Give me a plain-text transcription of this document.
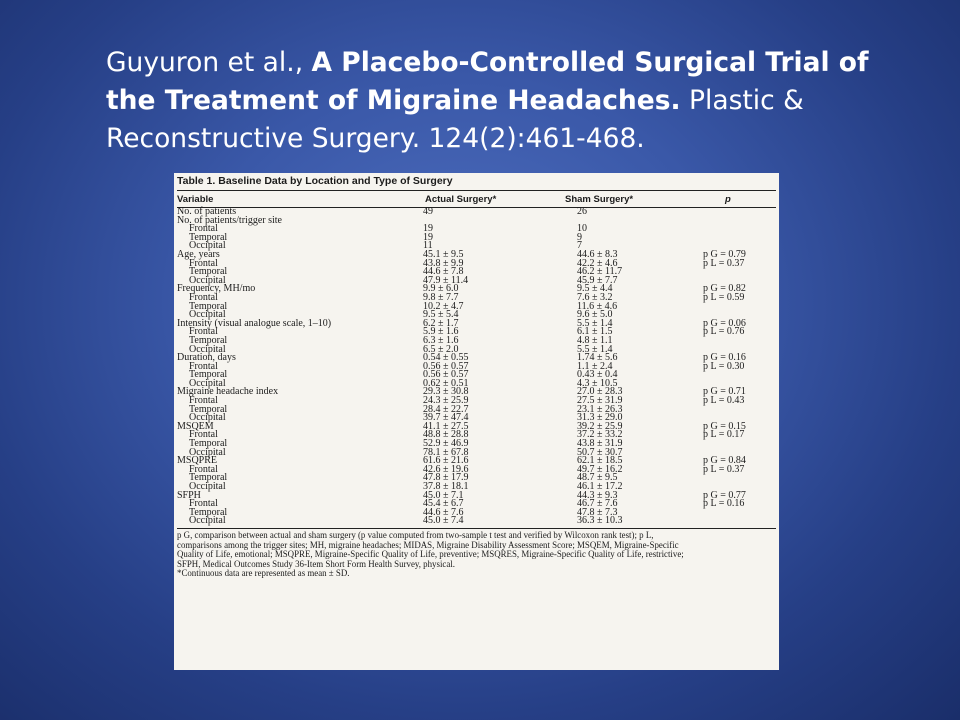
Guyuron et al., A Placebo-Controlled Surgical Trial of the Treatment of Migraine Headaches. Plastic & Reconstructive Surgery. 124(2):461-468.
Table 1. Baseline Data by Location and Type of Surgery
Variable	Actual Surgery*	Sham Surgery*	p
No. of patients	49	26
No. of patients/trigger site
Frontal	19	10
Temporal	19	9
Occipital	11	7
Age, years	45.1 ± 9.5	44.6 ± 8.3	p G = 0.79
Frontal	43.8 ± 9.9	42.2 ± 4.6	p L = 0.37
Temporal	44.6 ± 7.8	46.2 ± 11.7
Occipital	47.9 ± 11.4	45.9 ± 7.7
Frequency, MH/mo	9.9 ± 6.0	9.5 ± 4.4	p G = 0.82
Frontal	9.8 ± 7.7	7.6 ± 3.2	p L = 0.59
Temporal	10.2 ± 4.7	11.6 ± 4.6
Occipital	9.5 ± 5.4	9.6 ± 5.0
Intensity (visual analogue scale, 1–10)	6.2 ± 1.7	5.5 ± 1.4	p G = 0.06
Frontal	5.9 ± 1.6	6.1 ± 1.5	p L = 0.76
Temporal	6.3 ± 1.6	4.8 ± 1.1
Occipital	6.5 ± 2.0	5.5 ± 1.4
Duration, days	0.54 ± 0.55	1.74 ± 5.6	p G = 0.16
Frontal	0.56 ± 0.57	1.1 ± 2.4	p L = 0.30
Temporal	0.56 ± 0.57	0.43 ± 0.4
Occipital	0.62 ± 0.51	4.3 ± 10.5
Migraine headache index	29.3 ± 30.8	27.0 ± 28.3	p G = 0.71
Frontal	24.3 ± 25.9	27.5 ± 31.9	p L = 0.43
Temporal	28.4 ± 22.7	23.1 ± 26.3
Occipital	39.7 ± 47.4	31.3 ± 29.0
MSQEM	41.1 ± 27.5	39.2 ± 25.9	p G = 0.15
Frontal	48.8 ± 28.8	37.2 ± 33.2	p L = 0.17
Temporal	52.9 ± 46.9	43.8 ± 31.9
Occipital	78.1 ± 67.8	50.7 ± 30.7
MSQPRE	61.6 ± 21.6	62.1 ± 18.5	p G = 0.84
Frontal	42.6 ± 19.6	49.7 ± 16.2	p L = 0.37
Temporal	47.8 ± 17.9	48.7 ± 9.5
Occipital	37.8 ± 18.1	46.1 ± 17.2
SFPH	45.0 ± 7.1	44.3 ± 9.3	p G = 0.77
Frontal	45.4 ± 6.7	46.7 ± 7.6	p L = 0.16
Temporal	44.6 ± 7.6	47.8 ± 7.3
Occipital	45.0 ± 7.4	36.3 ± 10.3
p G, comparison between actual and sham surgery (p value computed from two-sample t test and verified by Wilcoxon rank test); p L,
comparisons among the trigger sites; MH, migraine headaches; MIDAS, Migraine Disability Assessment Score; MSQEM, Migraine-Specific
Quality of Life, emotional; MSQPRE, Migraine-Specific Quality of Life, preventive; MSQRES, Migraine-Specific Quality of Life, restrictive;
SFPH, Medical Outcomes Study 36-Item Short Form Health Survey, physical.
*Continuous data are represented as mean ± SD.
